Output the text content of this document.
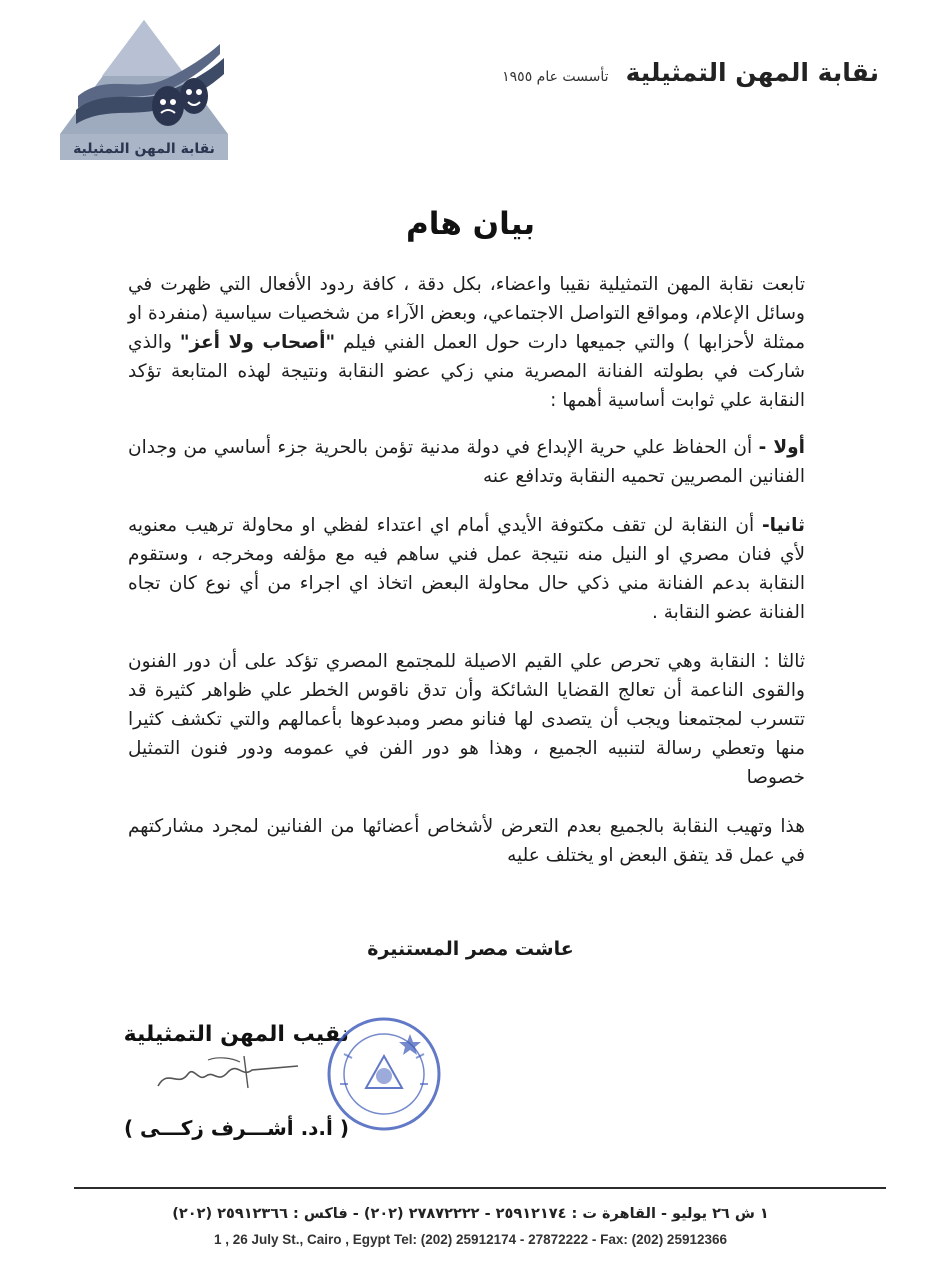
نقابة المهن التمثيلية
نقابة المهن التمثيلية تأسست عام ١٩٥٥
بيان هام

تابعت نقابة المهن التمثيلية نقيبا واعضاء، بكل دقة ، كافة ردود الأفعال التي ظهرت في وسائل الإعلام، ومواقع التواصل الاجتماعي، وبعض الآراء من شخصيات سياسية (منفردة او ممثلة لأحزابها ) والتي جميعها دارت حول العمل الفني فيلم "أصحاب ولا أعز" والذي شاركت في بطولته الفنانة المصرية مني زكي عضو النقابة ونتيجة لهذه المتابعة تؤكد النقابة علي ثوابت أساسية أهمها :

أولا - أن الحفاظ علي حرية الإبداع في دولة مدنية تؤمن بالحرية جزء أساسي من وجدان الفنانين المصريين تحميه النقابة وتدافع عنه

ثانيا- أن النقابة لن تقف مكتوفة الأيدي أمام اي اعتداء لفظي او محاولة ترهيب معنويه لأي فنان مصري او النيل منه نتيجة عمل فني ساهم فيه مع مؤلفه ومخرجه ، وستقوم النقابة بدعم الفنانة مني ذكي حال محاولة البعض اتخاذ اي اجراء من أي نوع كان تجاه الفنانة عضو النقابة .

ثالثا : النقابة وهي تحرص علي القيم الاصيلة للمجتمع المصري تؤكد على أن دور الفنون والقوى الناعمة أن تعالج القضايا الشائكة وأن تدق ناقوس الخطر علي ظواهر كثيرة قد تتسرب لمجتمعنا ويجب أن يتصدى لها فنانو مصر ومبدعوها بأعمالهم والتي تكشف كثيرا منها وتعطي رسالة لتنبيه الجميع ، وهذا هو دور الفن في عمومه ودور فنون التمثيل خصوصا

هذا وتهيب النقابة بالجميع بعدم التعرض لأشخاص أعضائها من الفنانين لمجرد مشاركتهم في عمل قد يتفق البعض او يختلف عليه

عاشت مصر المستنيرة
نقيب المهن التمثيلية
( أ.د. أشـــرف زكـــى )
١ ش ٢٦ يوليو - القاهرة ت : ٢٥٩١٢١٧٤ - ٢٧٨٧٢٢٢٢ (٢٠٢) - فاكس : ٢٥٩١٢٣٦٦ (٢٠٢)
1 , 26 July St., Cairo , Egypt Tel: (202) 25912174 - 27872222 - Fax: (202) 25912366
